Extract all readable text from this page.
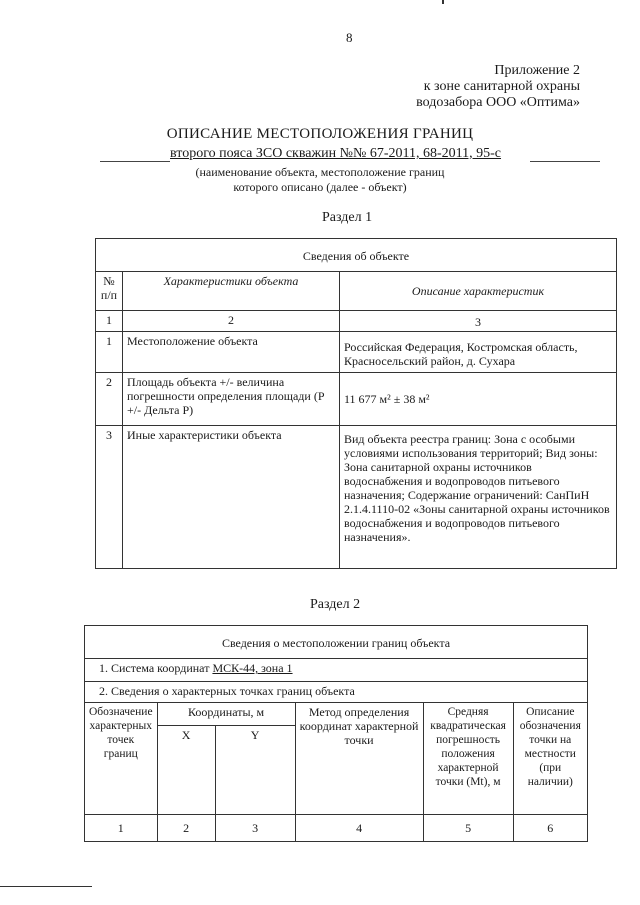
8
Приложение 2
к зоне санитарной охраны
водозабора ООО «Оптима»
ОПИСАНИЕ МЕСТОПОЛОЖЕНИЯ ГРАНИЦ
второго пояса ЗСО скважин №№ 67-2011, 68-2011, 95-с
(наименование объекта, местоположение границ
которого описано (далее - объект)
Раздел 1
Сведения об объекте		
№ п/п	Характеристики объекта	Описание характеристик
1	2	3
1	Местоположение объекта	Российская Федерация, Костромская область, Красносельский район, д. Сухара
2	Площадь объекта +/- величина погрешности определения площади (Р +/- Дельта Р)	11 677 м² ± 38 м²
3	Иные характеристики объекта	Вид объекта реестра границ: Зона с особыми условиями использования территорий; Вид зоны: Зона санитарной охраны источников водоснабжения и водопроводов питьевого назначения; Содержание ограничений: СанПиН 2.1.4.1110-02 «Зоны санитарной охраны источников водоснабжения и водопроводов питьевого назначения».
Раздел 2
Сведения о местоположении границ объекта					
1. Система координат МСК-44, зона 1					
2. Сведения о характерных точках границ объекта					
Обозначение характерных точек границ	Координаты, м		Метод определения координат характерной точки	Средняя квадратическая погрешность положения характерной точки (Mt), м	Описание обозначения точки на местности (при наличии)
	X	Y			
1	2	3	4	5	6
